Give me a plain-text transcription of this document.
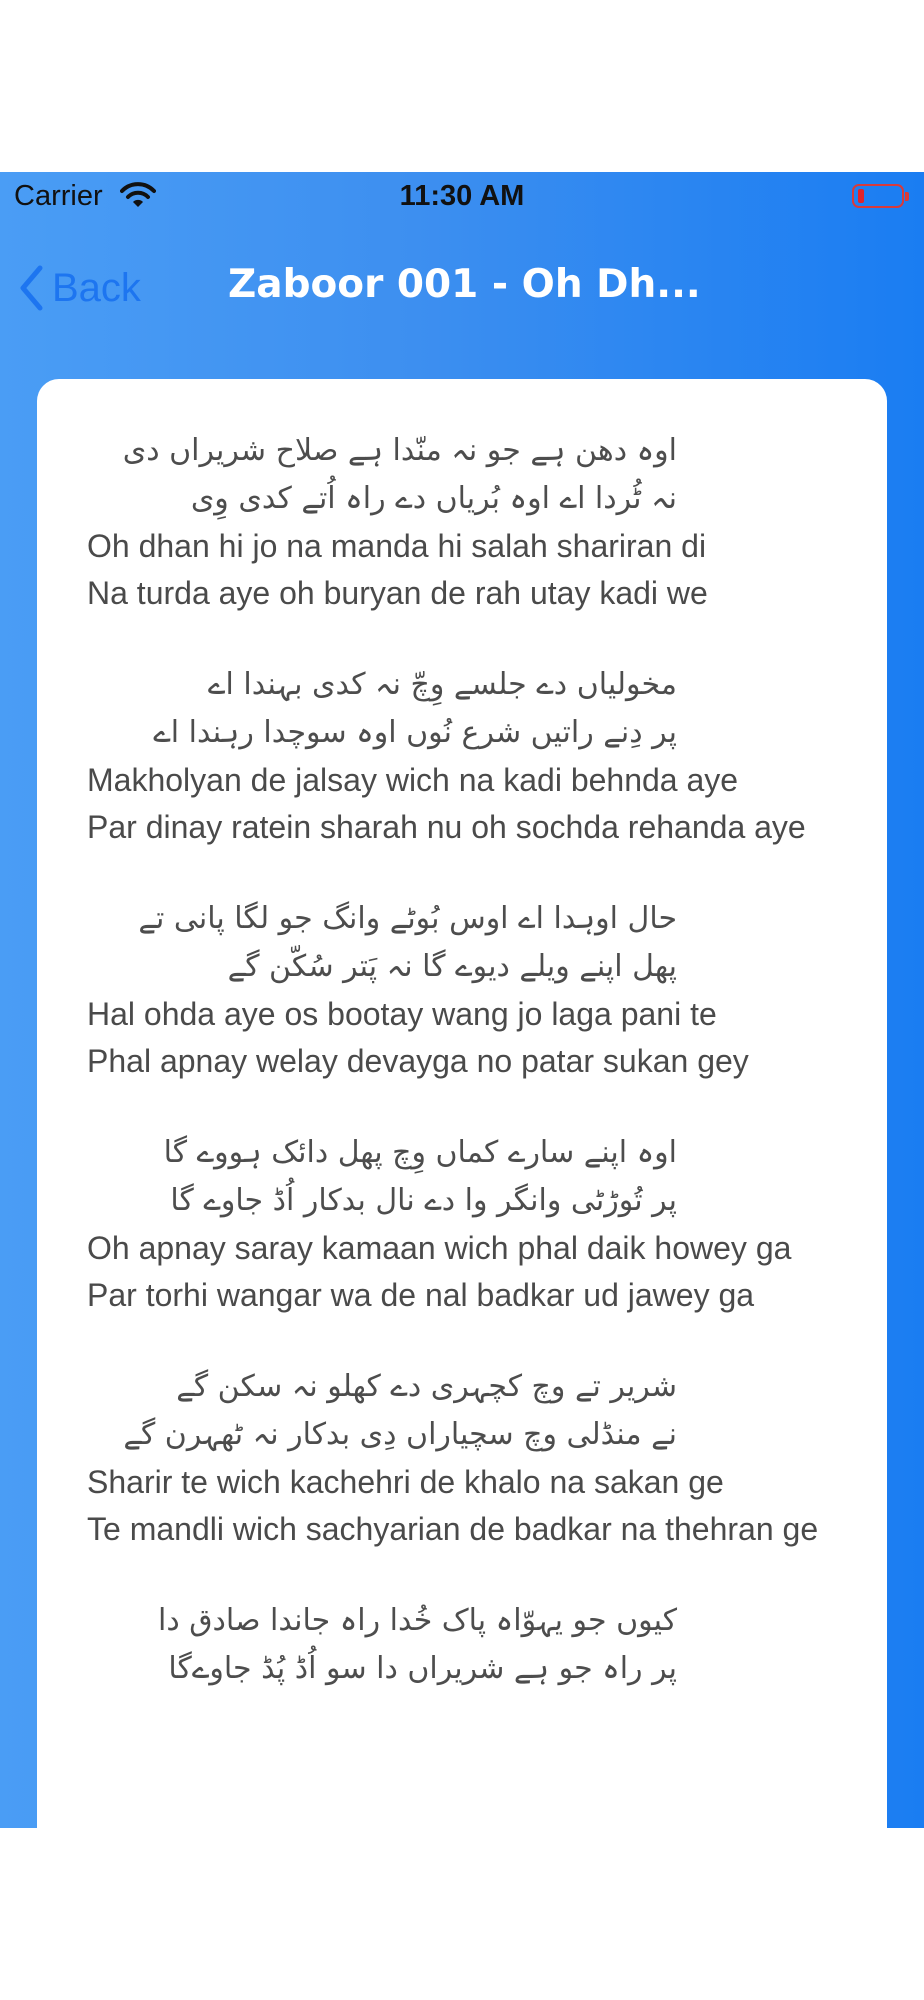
Carrier	11:30 AM
Back Zaboor 001 - Oh Dh...
اوہ دھن ہے جو نہ منّدا ہے صلاح شریراں دی
نہ ٹُردا اے اوہ بُریاں دے راہ اُتے کدی وِی
Oh dhan hi jo na manda hi salah shariran di
Na turda aye oh buryan de rah utay kadi we
مخولیاں دے جلسے وِچّ نہ کدی بہندا اے
پر دِنے راتیں شرع نُوں اوہ سوچدا رہندا اے
Makholyan de jalsay wich na kadi behnda aye
Par dinay ratein sharah nu oh sochda rehanda aye
حال اوہدا اے اوس بُوٹے وانگ جو لگا پانی تے
پھل اپنے ویلے دیوے گا نہ پَتر سُکّن گے
Hal ohda aye os bootay wang jo laga pani te
Phal apnay welay devayga no patar sukan gey
اوہ اپنے سارے کماں وِچ پھل دائک ہووے گا
پر تُوڑٹی وانگر وا دے نال بدکار اُڈ جاوے گا
Oh apnay saray kamaan wich phal daik howey ga
Par torhi wangar wa de nal badkar ud jawey ga
شریر تے وچ کچہری دے کھلو نہ سکن گے
نے منڈلی وچ سچیاراں دِی بدکار نہ ٹھہرن گے
Sharir te wich kachehri de khalo na sakan ge
Te mandli wich sachyarian de badkar na thehran ge
کیوں جو یہوّاہ پاک خُدا راہ جاندا صادق دا
پر راہ جو ہے شریراں دا سو اُڈ پُڈ جاوےگا
